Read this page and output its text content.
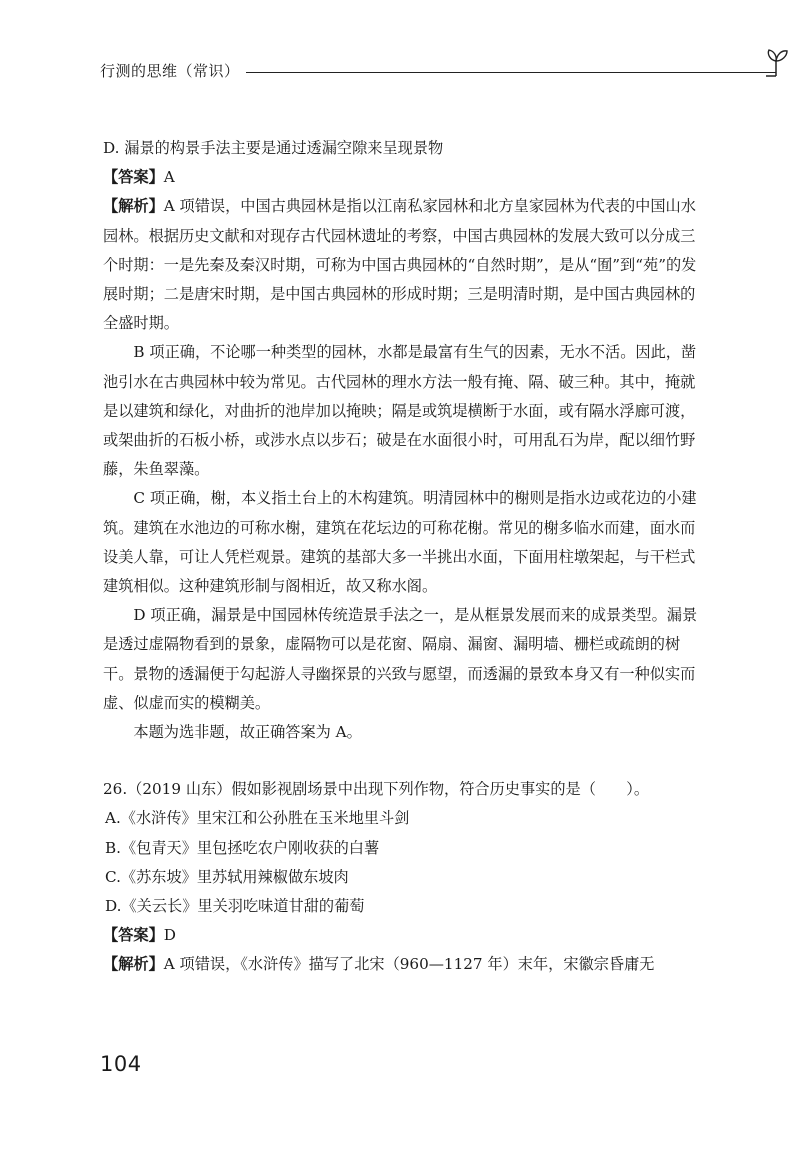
行测的思维（常识）

D. 漏景的构景手法主要是通过透漏空隙来呈现景物

【答案】A

【解析】A 项错误，中国古典园林是指以江南私家园林和北方皇家园林为代表的中国山水园林。根据历史文献和对现存古代园林遗址的考察，中国古典园林的发展大致可以分成三个时期：一是先秦及秦汉时期，可称为中国古典园林的“自然时期”，是从“囿”到“苑”的发展时期；二是唐宋时期，是中国古典园林的形成时期；三是明清时期，是中国古典园林的全盛时期。

B 项正确，不论哪一种类型的园林，水都是最富有生气的因素，无水不活。因此，凿池引水在古典园林中较为常见。古代园林的理水方法一般有掩、隔、破三种。其中，掩就是以建筑和绿化，对曲折的池岸加以掩映；隔是或筑堤横断于水面，或有隔水浮廊可渡，或架曲折的石板小桥，或涉水点以步石；破是在水面很小时，可用乱石为岸，配以细竹野藤，朱鱼翠藻。

C 项正确，榭，本义指土台上的木构建筑。明清园林中的榭则是指水边或花边的小建筑。建筑在水池边的可称水榭，建筑在花坛边的可称花榭。常见的榭多临水而建，面水而设美人靠，可让人凭栏观景。建筑的基部大多一半挑出水面，下面用柱墩架起，与干栏式建筑相似。这种建筑形制与阁相近，故又称水阁。

D 项正确，漏景是中国园林传统造景手法之一，是从框景发展而来的成景类型。漏景是透过虚隔物看到的景象，虚隔物可以是花窗、隔扇、漏窗、漏明墙、栅栏或疏朗的树干。景物的透漏便于勾起游人寻幽探景的兴致与愿望，而透漏的景致本身又有一种似实而虚、似虚而实的模糊美。

本题为选非题，故正确答案为 A。

26.（2019 山东）假如影视剧场景中出现下列作物，符合历史事实的是（　　）。

A.《水浒传》里宋江和公孙胜在玉米地里斗剑

B.《包青天》里包拯吃农户刚收获的白薯

C.《苏东坡》里苏轼用辣椒做东坡肉

D.《关云长》里关羽吃味道甘甜的葡萄

【答案】D

【解析】A 项错误，《水浒传》描写了北宋（960—1127 年）末年，宋徽宗昏庸无

104
